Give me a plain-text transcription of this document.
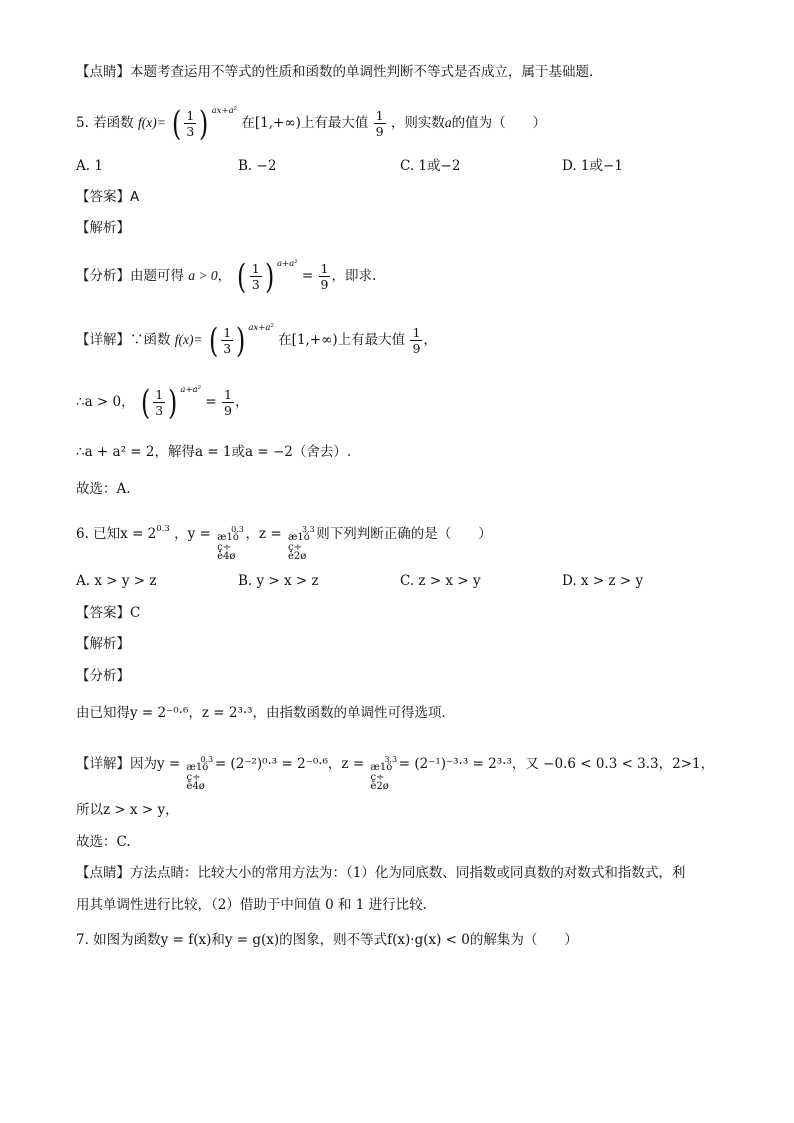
【点睛】本题考查运用不等式的性质和函数的单调性判断不等式是否成立，属于基础题.
5. 若函数 f(x)= ( $\frac{1}{3}$ ) $^{ax+a^2}$ 在[1,+∞)上有最大值 $\frac{1}{9}$ ，则实数a的值为（　　）
A. 1	B. −2	C. 1或−2	D. 1或−1
【答案】A
【解析】
【分析】由题可得 a > 0， ( $\frac{1}{3}$ ) $^{a+a^2} = \frac{1}{9}$ ，即求.
【详解】∵函数 f(x)= ( $\frac{1}{3}$ ) $^{ax+a^2}$ 在[1,+∞)上有最大值 $\frac{1}{9}$ ，
∴a > 0， ( $\frac{1}{3}$ ) $^{a+a^2} = \frac{1}{9}$ ，
∴a + a² = 2，解得a = 1或a = −2（舍去）.
故选：A.
6. 已知$x = 2^{0.3}$ ，y = æ1ö
ç÷
è4ø
0.3 ，z = æ1ö
ç÷
è2ø
3.3 则下列判断正确的是（　　）
A. x > y > z	B. y > x > z	C. z > x > y	D. x > z > y
【答案】C
【解析】
【分析】
由已知得y = 2⁻⁰·⁶，z = 2³·³，由指数函数的单调性可得选项.
【详解】因为y = æ1ö
ç÷
è4ø
0.3 = (2⁻²)⁰·³ = 2⁻⁰·⁶，z = æ1ö
ç÷
è2ø
3.3 = (2⁻¹)⁻³·³ = 2³·³，又 −0.6 < 0.3 < 3.3，2>1，
所以z > x > y，
故选：C.
【点睛】方法点睛：比较大小的常用方法为：（1）化为同底数、同指数或同真数的对数式和指数式，利
用其单调性进行比较，（2）借助于中间值 0 和 1 进行比较.
7. 如图为函数y = f(x)和y = g(x)的图象，则不等式f(x)·g(x) < 0的解集为（　　）
